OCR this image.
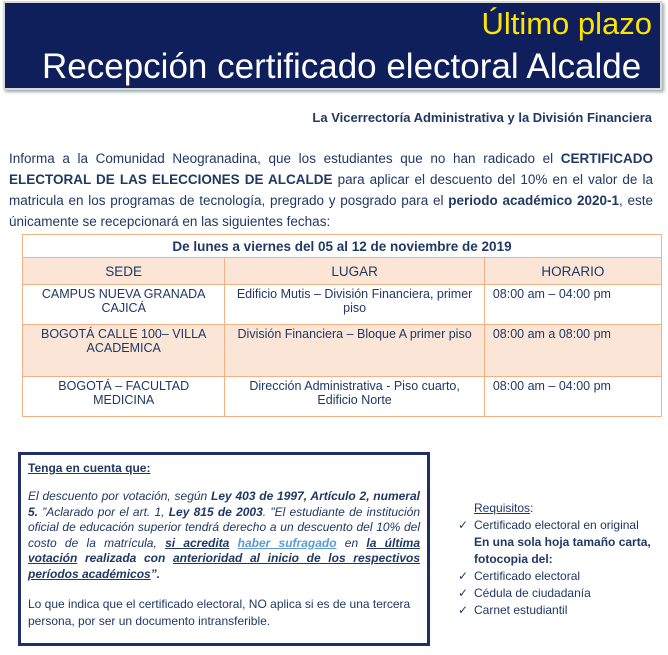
Último plazo
Recepción certificado electoral Alcalde
La Vicerrectoría Administrativa y la División Financiera
Informa a la Comunidad Neogranadina, que los estudiantes que no han radicado el CERTIFICADO ELECTORAL DE LAS ELECCIONES DE ALCALDE para aplicar el descuento del 10% en el valor de la matricula en los programas de tecnología, pregrado y posgrado para el periodo académico 2020-1, este únicamente se recepcionará en las siguientes fechas:
De lunes a viernes del 05 al 12 de noviembre de 2019
SEDE	LUGAR	HORARIO
CAMPUS NUEVA GRANADA CAJICÁ	Edificio Mutis – División Financiera, primer piso	08:00 am – 04:00 pm
BOGOTÁ CALLE 100– VILLA ACADEMICA	División Financiera – Bloque A primer piso	08:00 am a 08:00 pm
BOGOTÁ – FACULTAD MEDICINA	Dirección Administrativa - Piso cuarto, Edificio Norte	08:00 am – 04:00 pm
Tenga en cuenta que:
El descuento por votación, según Ley 403 de 1997, Artículo 2, numeral 5. ”Aclarado por el art. 1, Ley 815 de 2003. "El estudiante de institución oficial de educación superior tendrá derecho a un descuento del 10% del costo de la matrícula, si acredita haber sufragado en la última votación realizada con anterioridad al inicio de los respectivos períodos académicos”.
Lo que indica que el certificado electoral, NO aplica si es de una tercera persona, por ser un documento intransferible.
Requisitos:
✓ Certificado electoral en original
En una sola hoja tamaño carta, fotocopia del:
✓ Certificado electoral
✓ Cédula de ciudadanía
✓ Carnet estudiantil
